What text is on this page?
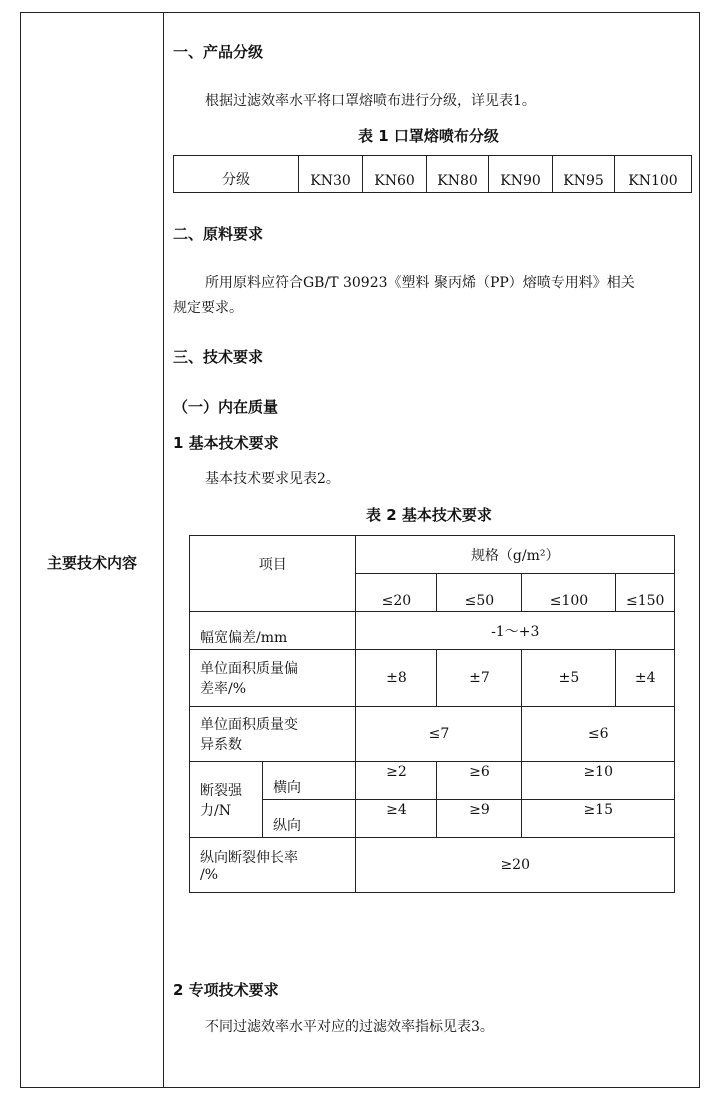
主要技术内容
一、产品分级
根据过滤效率水平将口罩熔喷布进行分级，详见表1。
表 1 口罩熔喷布分级
分级	KN30	KN60	KN80	KN90	KN95	KN100
二、原料要求
所用原料应符合GB/T 30923《塑料 聚丙烯（PP）熔喷专用料》相关
规定要求。
三、技术要求
（一）内在质量
1 基本技术要求
基本技术要求见表2。
表 2 基本技术要求
项目		规格（g/m²）			
		≤20	≤50	≤100	≤150
幅宽偏差/mm		-1～+3			
单位面积质量偏
差率/%		±8	±7	±5	±4
单位面积质量变
异系数		≤7		≤6	
断裂强
力/N	横向	≥2	≥6	≥10	
	纵向	≥4	≥9	≥15	
纵向断裂伸长率
/%		≥20			
2 专项技术要求
不同过滤效率水平对应的过滤效率指标见表3。
